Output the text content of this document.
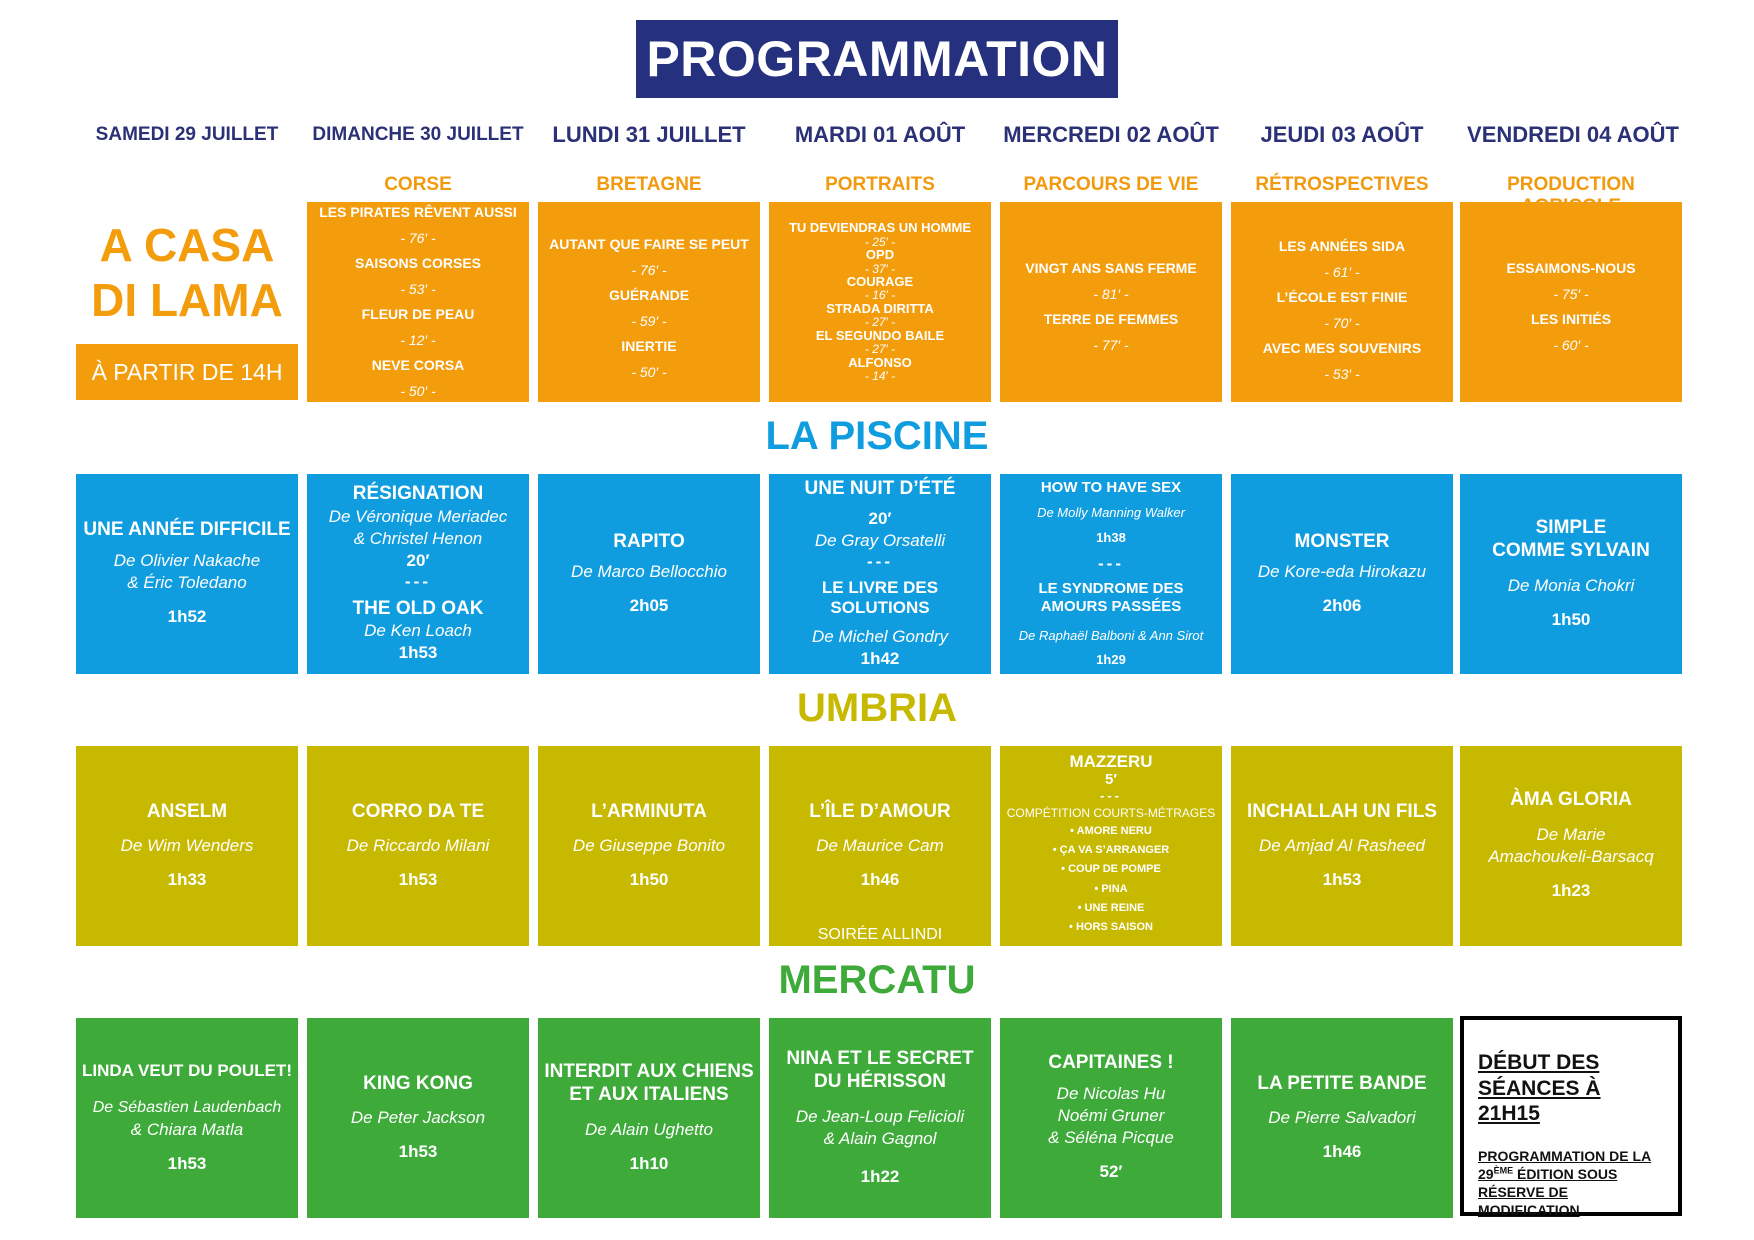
PROGRAMMATION
SAMEDI 29 JUILLET	DIMANCHE 30 JUILLET	LUNDI 31 JUILLET	MARDI 01 AOÛT	MERCREDI 02 AOÛT	JEUDI 03 AOÛT	VENDREDI 04 AOÛT
CORSE	BRETAGNE	PORTRAITS	PARCOURS DE VIE	RÉTROSPECTIVES	PRODUCTION
A CASA
DI LAMA
À PARTIR DE 14H
LES PIRATES RÊVENT AUSSI
- 76′ -
SAISONS CORSES
- 53′ -
FLEUR DE PEAU
- 12′ -
NEVE CORSA
- 50′ -
AUTANT QUE FAIRE SE PEUT
- 76′ -
GUÉRANDE
- 59′ -
INERTIE
- 50′ -
TU DEVIENDRAS UN HOMME
- 25′ -
OPD
- 37′ -
COURAGE
- 16′ -
STRADA DIRITTA
- 27′ -
EL SEGUNDO BAILE
- 27′ -
ALFONSO
- 14′ -
VINGT ANS SANS FERME
- 81′ -
TERRE DE FEMMES
- 77′ -
LES ANNÉES SIDA
- 61′ -
L’ÉCOLE EST FINIE
- 70′ -
AVEC MES SOUVENIRS
- 53′ -
ESSAIMONS-NOUS
- 75′ -
LES INITIÉS
- 60′ -
LA PISCINE
UNE ANNÉE DIFFICILE
De Olivier Nakache
& Éric Toledano
1h52
RÉSIGNATION
De Véronique Meriadec
& Christel Henon
20′
---
THE OLD OAK
De Ken Loach
1h53
RAPITO
De Marco Bellocchio
2h05
UNE NUIT D’ÉTÉ
20′
De Gray Orsatelli
---
LE LIVRE DES SOLUTIONS
De Michel Gondry
1h42
HOW TO HAVE SEX
De Molly Manning Walker
1h38
---
LE SYNDROME DES AMOURS PASSÉES
De Raphaël Balboni & Ann Sirot
1h29
MONSTER
De Kore-eda Hirokazu
2h06
SIMPLE
COMME SYLVAIN
De Monia Chokri
1h50
UMBRIA
ANSELM
De Wim Wenders
1h33
CORRO DA TE
De Riccardo Milani
1h53
L’ARMINUTA
De Giuseppe Bonito
1h50
L’ÎLE D’AMOUR
De Maurice Cam
1h46
SOIRÉE ALLINDI
MAZZERU
5′
---
COMPÉTITION COURTS-MÉTRAGES
• AMORE NERU
• ÇA VA S’ARRANGER
• COUP DE POMPE
• PINA
• UNE REINE
• HORS SAISON
INCHALLAH UN FILS
De Amjad Al Rasheed
1h53
ÀMA GLORIA
De Marie
Amachoukeli-Barsacq
1h23
MERCATU
LINDA VEUT DU POULET!
De Sébastien Laudenbach
& Chiara Matla
1h53
KING KONG
De Peter Jackson
1h53
INTERDIT AUX CHIENS
ET AUX ITALIENS
De Alain Ughetto
1h10
NINA ET LE SECRET
DU HÉRISSON
De Jean-Loup Felicioli
& Alain Gagnol
1h22
CAPITAINES !
De Nicolas Hu
Noémi Gruner
& Séléna Picque
52′
LA PETITE BANDE
De Pierre Salvadori
1h46
DÉBUT DES
SÉANCES À 21H15
PROGRAMMATION DE LA
29ÈME ÉDITION SOUS
RÉSERVE DE
MODIFICATION
